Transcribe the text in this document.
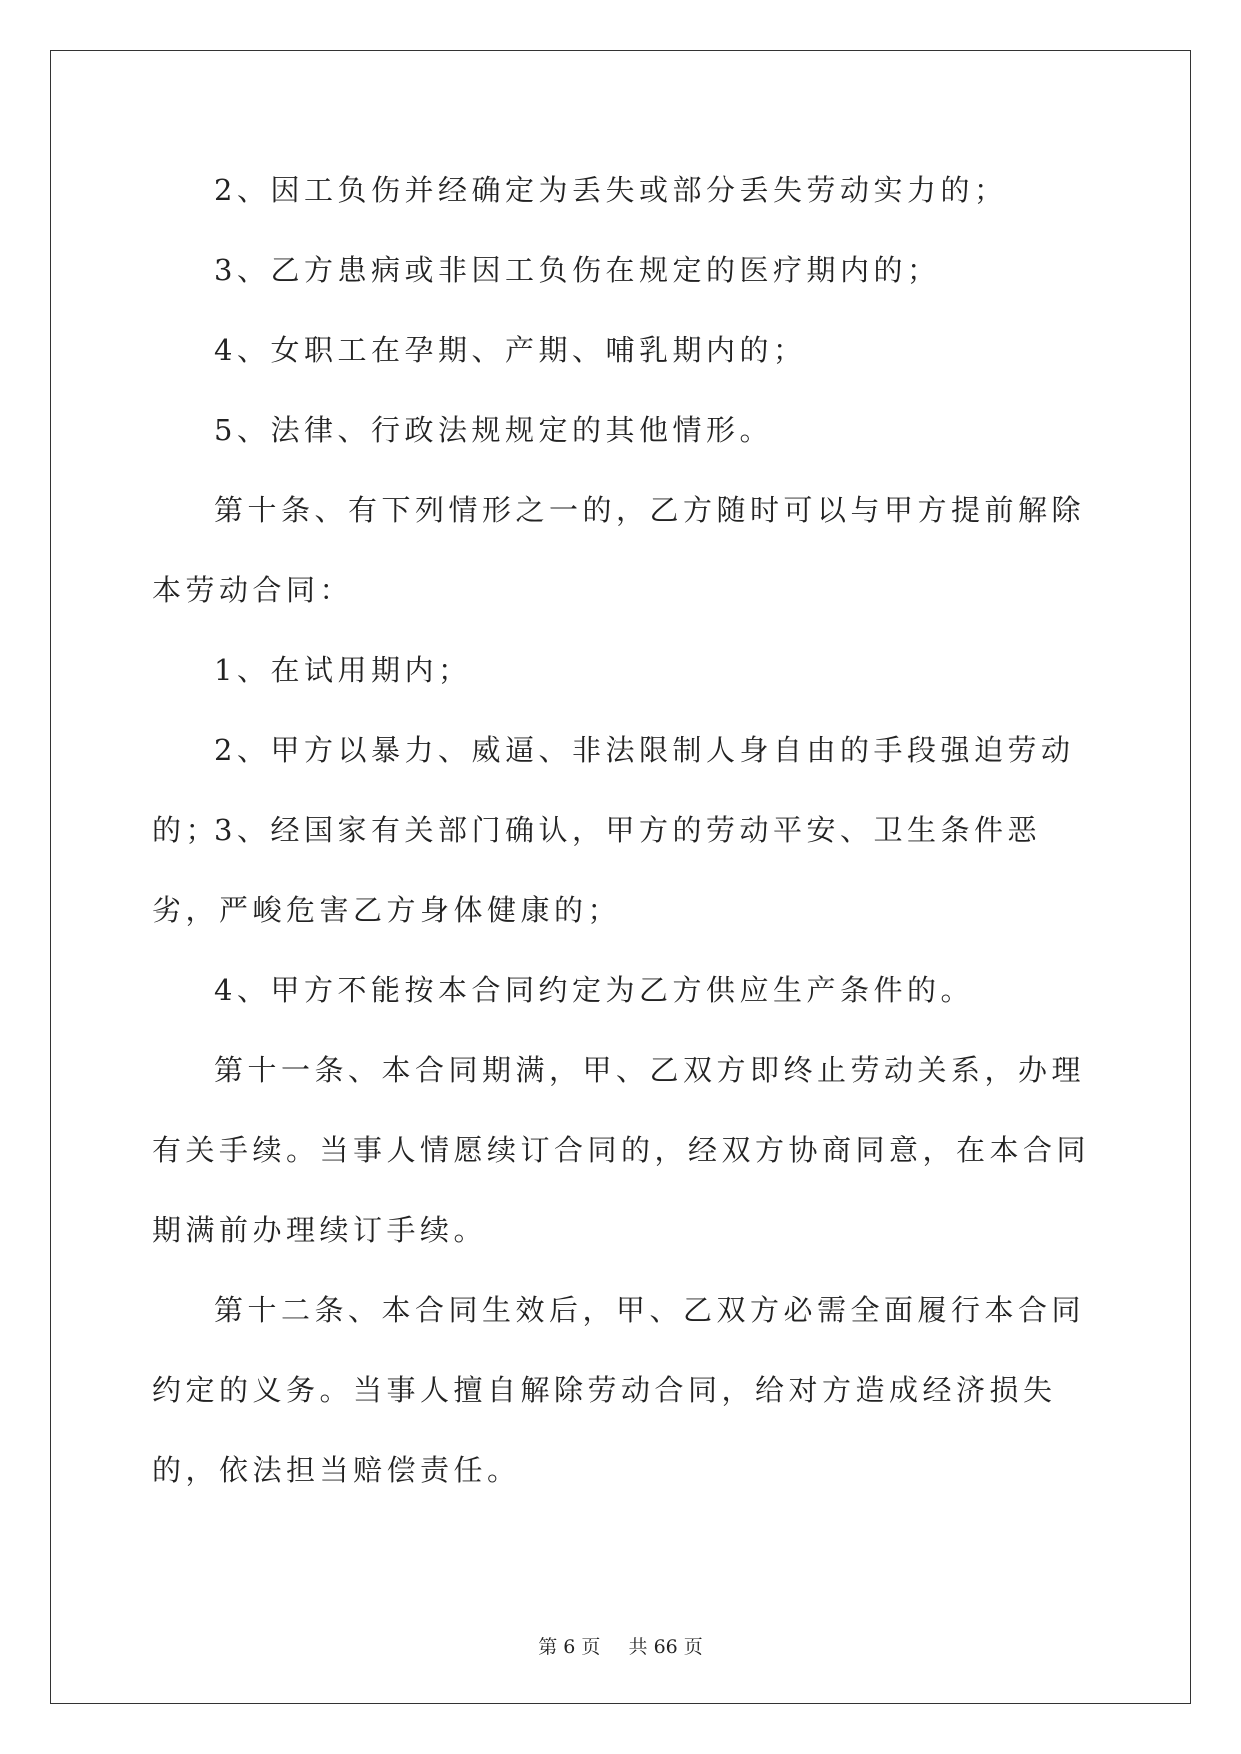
2、因工负伤并经确定为丢失或部分丢失劳动实力的；
3、乙方患病或非因工负伤在规定的医疗期内的；
4、女职工在孕期、产期、哺乳期内的；
5、法律、行政法规规定的其他情形。
第十条、有下列情形之一的，乙方随时可以与甲方提前解除本劳动合同：
1、在试用期内；
2、甲方以暴力、威逼、非法限制人身自由的手段强迫劳动的；
3、经国家有关部门确认，甲方的劳动平安、卫生条件恶劣，严峻危害乙方身体健康的；
4、甲方不能按本合同约定为乙方供应生产条件的。
第十一条、本合同期满，甲、乙双方即终止劳动关系，办理有关手续。当事人情愿续订合同的，经双方协商同意，在本合同期满前办理续订手续。
第十二条、本合同生效后，甲、乙双方必需全面履行本合同约定的义务。当事人擅自解除劳动合同，给对方造成经济损失的，依法担当赔偿责任。
第 6 页 共 66 页
